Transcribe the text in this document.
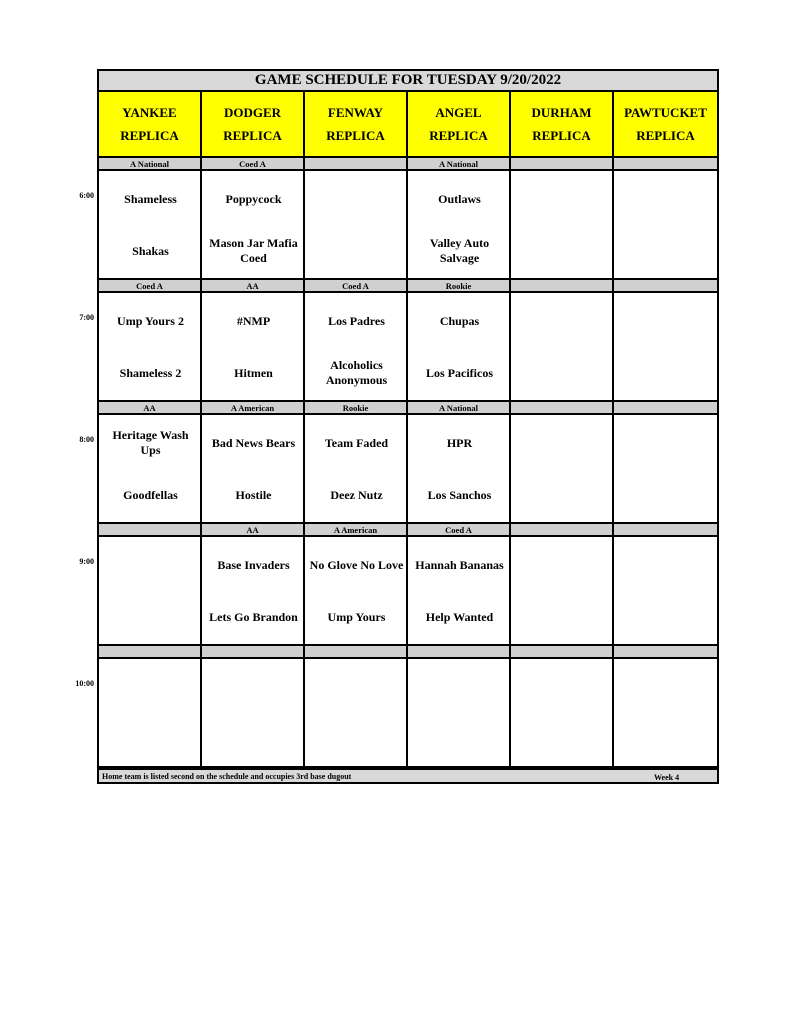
6:00
7:00
8:00
9:00
10:00
GAME SCHEDULE FOR TUESDAY 9/20/2022
YANKEE
REPLICA
DODGER
REPLICA
FENWAY
REPLICA
ANGEL
REPLICA
DURHAM
REPLICA
PAWTUCKET
REPLICA
A National
Shameless
Shakas
Coed A
Poppycock
Mason Jar Mafia Coed
A National
Outlaws
Valley Auto Salvage
Coed A
Ump Yours 2
Shameless 2
AA
#NMP
Hitmen
Coed A
Los Padres
Alcoholics Anonymous
Rookie
Chupas
Los Pacificos
AA
Heritage Wash Ups
Goodfellas
A American
Bad News Bears
Hostile
Rookie
Team Faded
Deez Nutz
A National
HPR
Los Sanchos
AA
Base Invaders
Lets Go Brandon
A American
No Glove No Love
Ump Yours
Coed A
Hannah Bananas
Help Wanted
Home team is listed second on the schedule and occupies 3rd base dugout	Week 4
